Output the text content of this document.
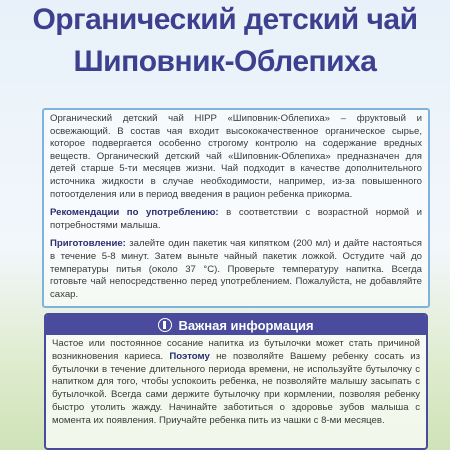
Органический детский чай
Шиповник-Облепиха

Органический детский чай HIPP «Шиповник-Облепиха» – фруктовый и освежающий. В состав чая входит высококачественное органическое сырье, которое подвергается особенно строгому контролю на содержание вредных веществ. Органический детский чай «Шиповник-Облепиха» предназначен для детей старше 5-ти месяцев жизни. Чай подходит в качестве дополнительного источника жидкости в случае необходимости, например, из-за повышенного потоотделения или в период введения в рацион ребенка прикорма.

Рекомендации по употреблению: в соответствии с возрастной нормой и потребностями малыша.

Приготовление: залейте один пакетик чая кипятком (200 мл) и дайте настояться в течение 5-8 минут. Затем выньте чайный пакетик ложкой. Остудите чай до температуры питья (около 37 °С). Проверьте температуру напитка. Всегда готовьте чай непосредственно перед употреблением. Пожалуйста, не добавляйте сахар.

Важная информация
Частое или постоянное сосание напитка из бутылочки может стать причиной возникновения кариеса. Поэтому не позволяйте Вашему ребенку сосать из бутылочки в течение длительного периода времени, не используйте бутылочку с напитком для того, чтобы успокоить ребенка, не позволяйте малышу засыпать с бутылочкой. Всегда сами держите бутылочку при кормлении, позволяя ребенку быстро утолить жажду. Начинайте заботиться о здоровье зубов малыша с момента их появления. Приучайте ребенка пить из чашки с 8-ми месяцев.
